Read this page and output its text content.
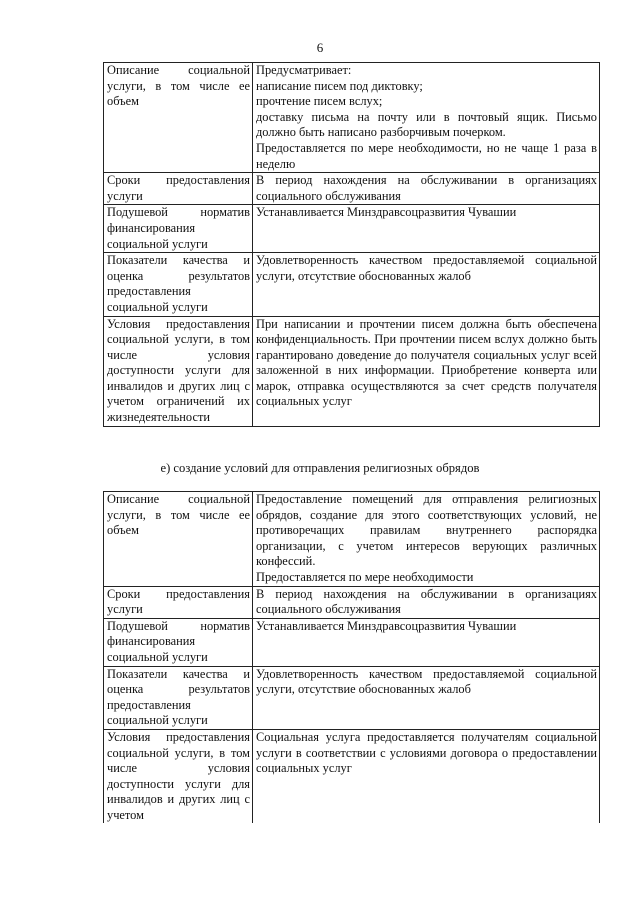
6
Описание социальной услуги, в том числе ее объем	Предусматривает:
написание писем под диктовку;
прочтение писем вслух;
доставку письма на почту или в почтовый ящик. Письмо должно быть написано разборчивым почерком.
Предоставляется по мере необходимости, но не чаще 1 раза в неделю

Сроки предоставления услуги	В период нахождения на обслуживании в организациях социального обслуживания

Подушевой норматив финансирования социальной услуги	Устанавливается Минздравсоцразвития Чувашии

Показатели качества и оценка результатов предоставления социальной услуги	Удовлетворенность качеством предоставляемой социальной услуги, отсутствие обоснованных жалоб

Условия предоставления социальной услуги, в том числе условия доступности услуги для инвалидов и других лиц с учетом ограничений их жизнедеятельности	При написании и прочтении писем должна быть обеспечена конфиденциальность. При прочтении писем вслух должно быть гарантировано доведение до получателя социальных услуг всей заложенной в них информации. Приобретение конверта или марок, отправка осуществляются за счет средств получателя социальных услуг
е) создание условий для отправления религиозных обрядов
Описание социальной услуги, в том числе ее объем	Предоставление помещений для отправления религиозных обрядов, создание для этого соответствующих условий, не противоречащих правилам внутреннего распорядка организации, с учетом интересов верующих различных конфессий.
Предоставляется по мере необходимости

Сроки предоставления услуги	В период нахождения на обслуживании в организациях социального обслуживания

Подушевой норматив финансирования социальной услуги	Устанавливается Минздравсоцразвития Чувашии

Показатели качества и оценка результатов предоставления социальной услуги	Удовлетворенность качеством предоставляемой социальной услуги, отсутствие обоснованных жалоб

Условия предоставления социальной услуги, в том числе условия доступности услуги для инвалидов и других лиц с учетом	Социальная услуга предоставляется получателям социальной услуги в соответствии с условиями договора о предоставлении социальных услуг
